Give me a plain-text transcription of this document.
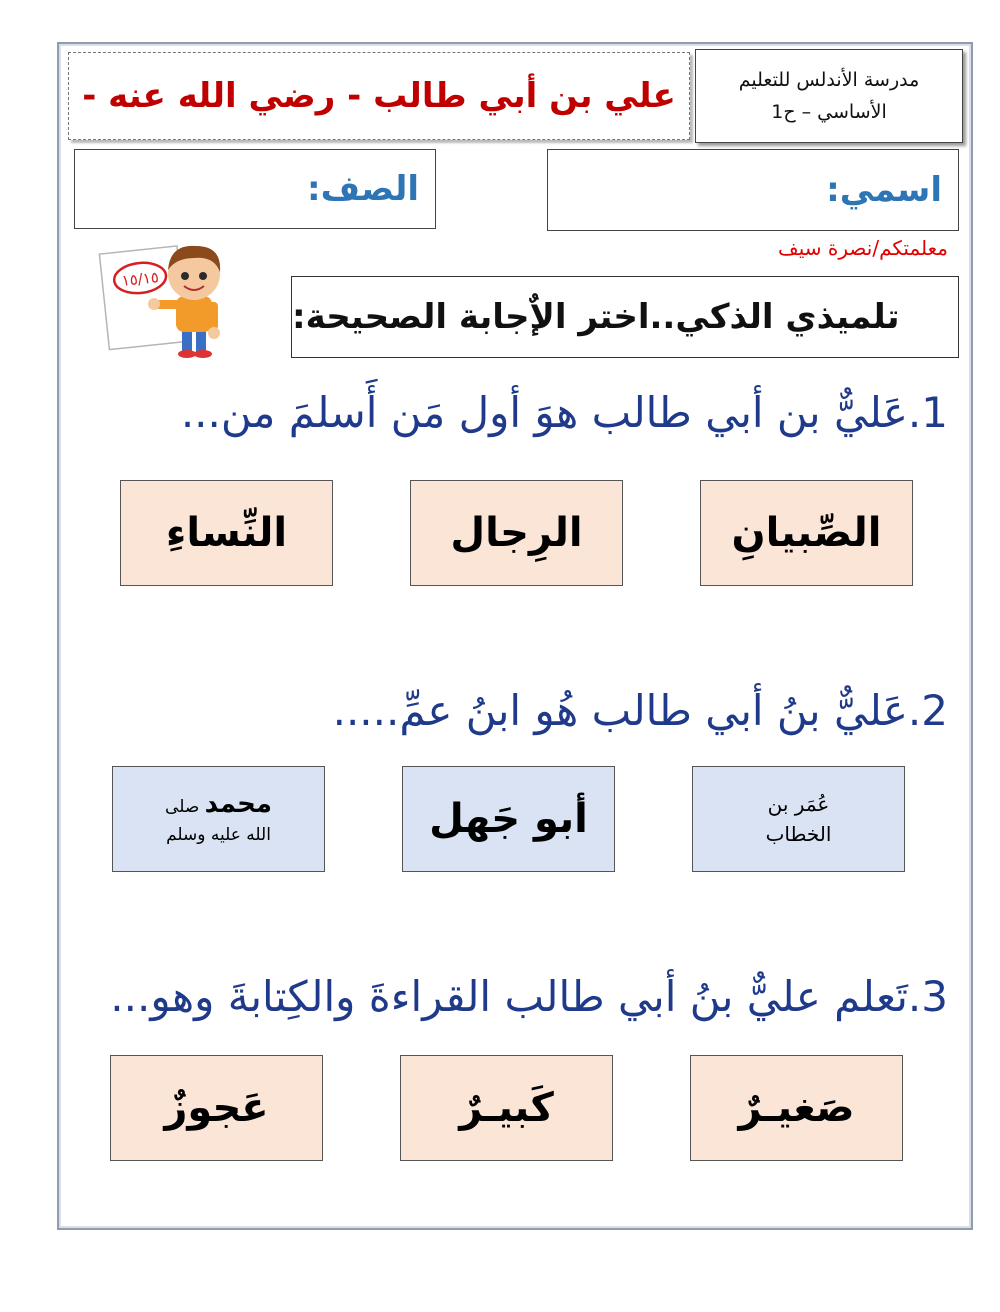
مدرسة الأندلس للتعليم
الأساسي – ح1
علي بن أبي طالب - رضي الله عنه -
اسمي:
الصف:
معلمتكم/نصرة سيف
١٥/١٥
تلميذي الذكي..اختر الإٌجابة الصحيحة:
1.عَليٌّ بن أبي طالب هوَ أول مَن أَسلمَ من...
الصِّبيانِ
الرِجال
النِّساءِ
2.عَليٌّ بنُ أبي طالب هُو ابنُ عمِّ.....
عُمَر بن
الخطاب
أبو جَهل
محمد صلى
الله عليه وسلم
3.تَعلم عليٌّ بنُ أبي طالب القراءةَ والكِتابةَ وهو...
صَغيـرٌ
كَبيـرٌ
عَجوزٌ
